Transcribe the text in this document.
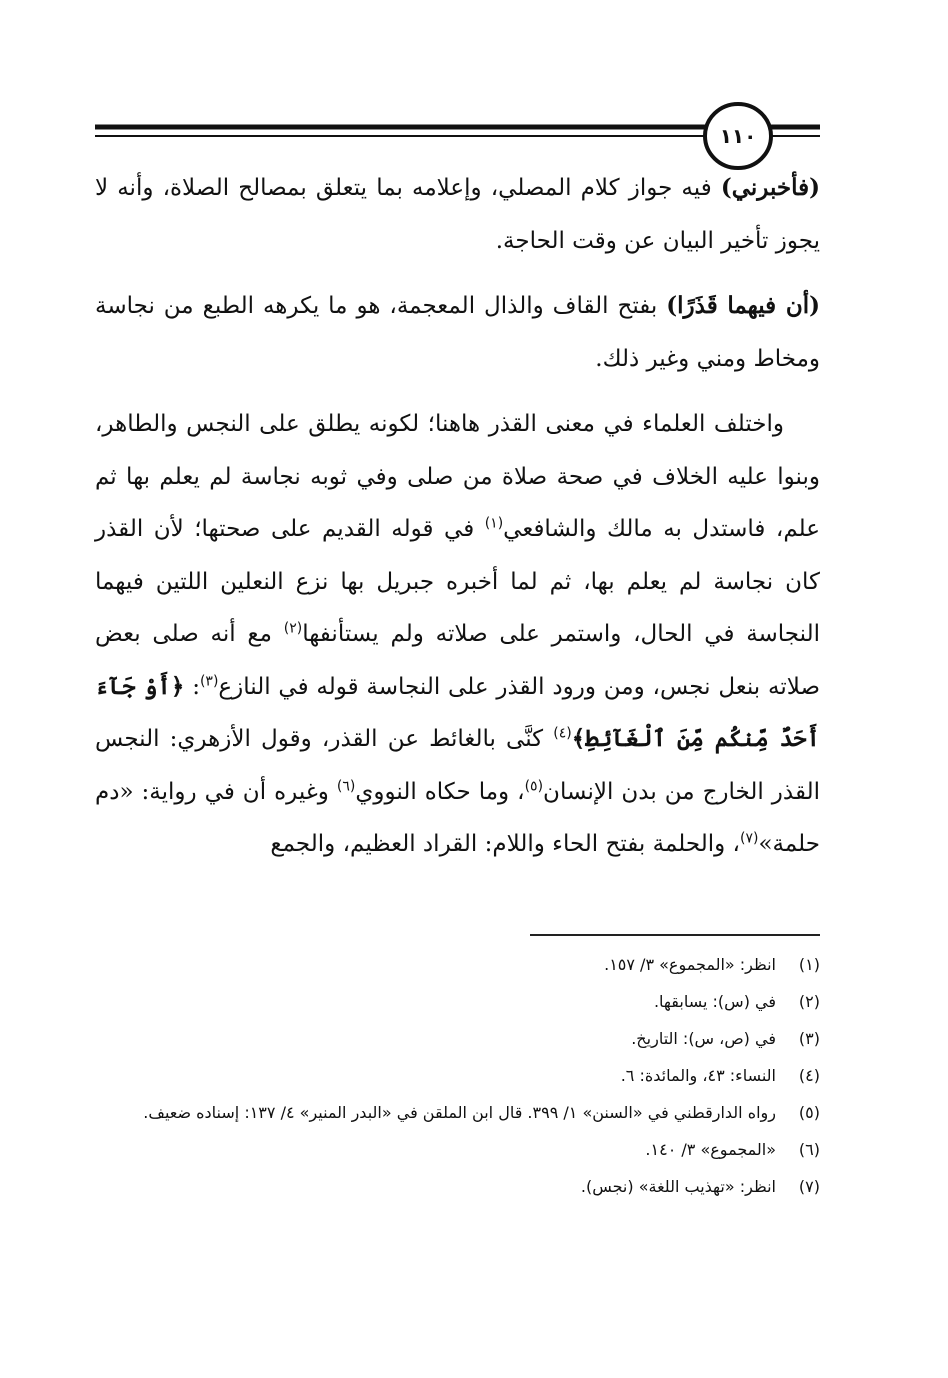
١١٠

(فأخبرني) فيه جواز كلام المصلي، وإعلامه بما يتعلق بمصالح الصلاة، وأنه لا يجوز تأخير البيان عن وقت الحاجة.

(أن فيهما قَذَرًا) بفتح القاف والذال المعجمة، هو ما يكرهه الطبع من نجاسة ومخاط ومني وغير ذلك.

واختلف العلماء في معنى القذر هاهنا؛ لكونه يطلق على النجس والطاهر، وبنوا عليه الخلاف في صحة صلاة من صلى وفي ثوبه نجاسة لم يعلم بها ثم علم، فاستدل به مالك والشافعي$^{(١)}$ في قوله القديم على صحتها؛ لأن القذر كان نجاسة لم يعلم بها، ثم لما أخبره جبريل بها نزع النعلين اللتين فيهما النجاسة في الحال، واستمر على صلاته ولم يستأنفها$^{(٢)}$ مع أنه صلى بعض صلاته بنعل نجس، ومن ورود القذر على النجاسة قوله في النازع$^{(٣)}$: ﴿أَوْ جَآءَ أَحَدٌ مِّنكُم مِّنَ ٱلْغَآئِطِ﴾$^{(٤)}$ كنَّى بالغائط عن القذر، وقول الأزهري: النجس القذر الخارج من بدن الإنسان$^{(٥)}$، وما حكاه النووي$^{(٦)}$ وغيره أن في رواية: «دم حلمة»$^{(٧)}$، والحلمة بفتح الحاء واللام: القراد العظيم، والجمع

(١)
انظر: «المجموع» ٣/ ١٥٧.
(٢)
في (س): يسابقها.
(٣)
في (ص، س): التاريخ.
(٤)
النساء: ٤٣، والمائدة: ٦.
(٥)
رواه الدارقطني في «السنن» ١/ ٣٩٩. قال ابن الملقن في «البدر المنير» ٤/ ١٣٧: إسناده ضعيف.
(٦)
«المجموع» ٣/ ١٤٠.
(٧)
انظر: «تهذيب اللغة» (نجس).
